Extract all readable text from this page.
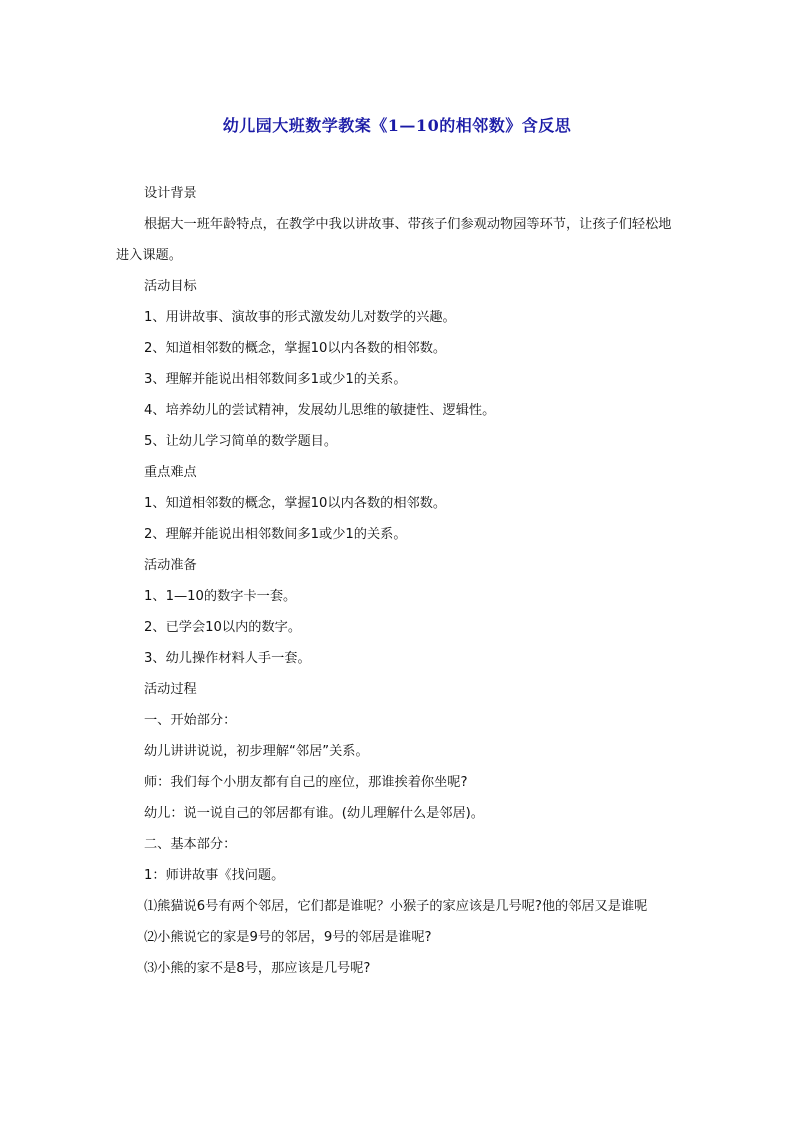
幼儿园大班数学教案《1—10的相邻数》含反思

设计背景

根据大一班年龄特点，在教学中我以讲故事、带孩子们参观动物园等环节，让孩子们轻松地进入课题。

活动目标

1、用讲故事、演故事的形式激发幼儿对数学的兴趣。

2、知道相邻数的概念，掌握10以内各数的相邻数。

3、理解并能说出相邻数间多1或少1的关系。

4、培养幼儿的尝试精神，发展幼儿思维的敏捷性、逻辑性。

5、让幼儿学习简单的数学题目。

重点难点

1、知道相邻数的概念，掌握10以内各数的相邻数。

2、理解并能说出相邻数间多1或少1的关系。

活动准备

1、1—10的数字卡一套。

2、已学会10以内的数字。

3、幼儿操作材料人手一套。

活动过程

一、开始部分：

幼儿讲讲说说，初步理解“邻居”关系。

师：我们每个小朋友都有自己的座位，那谁挨着你坐呢?

幼儿：说一说自己的邻居都有谁。(幼儿理解什么是邻居)。

二、基本部分：

1：师讲故事《找问题。

⑴熊猫说6号有两个邻居，它们都是谁呢？小猴子的家应该是几号呢?他的邻居又是谁呢

⑵小熊说它的家是9号的邻居，9号的邻居是谁呢?

⑶小熊的家不是8号，那应该是几号呢?
